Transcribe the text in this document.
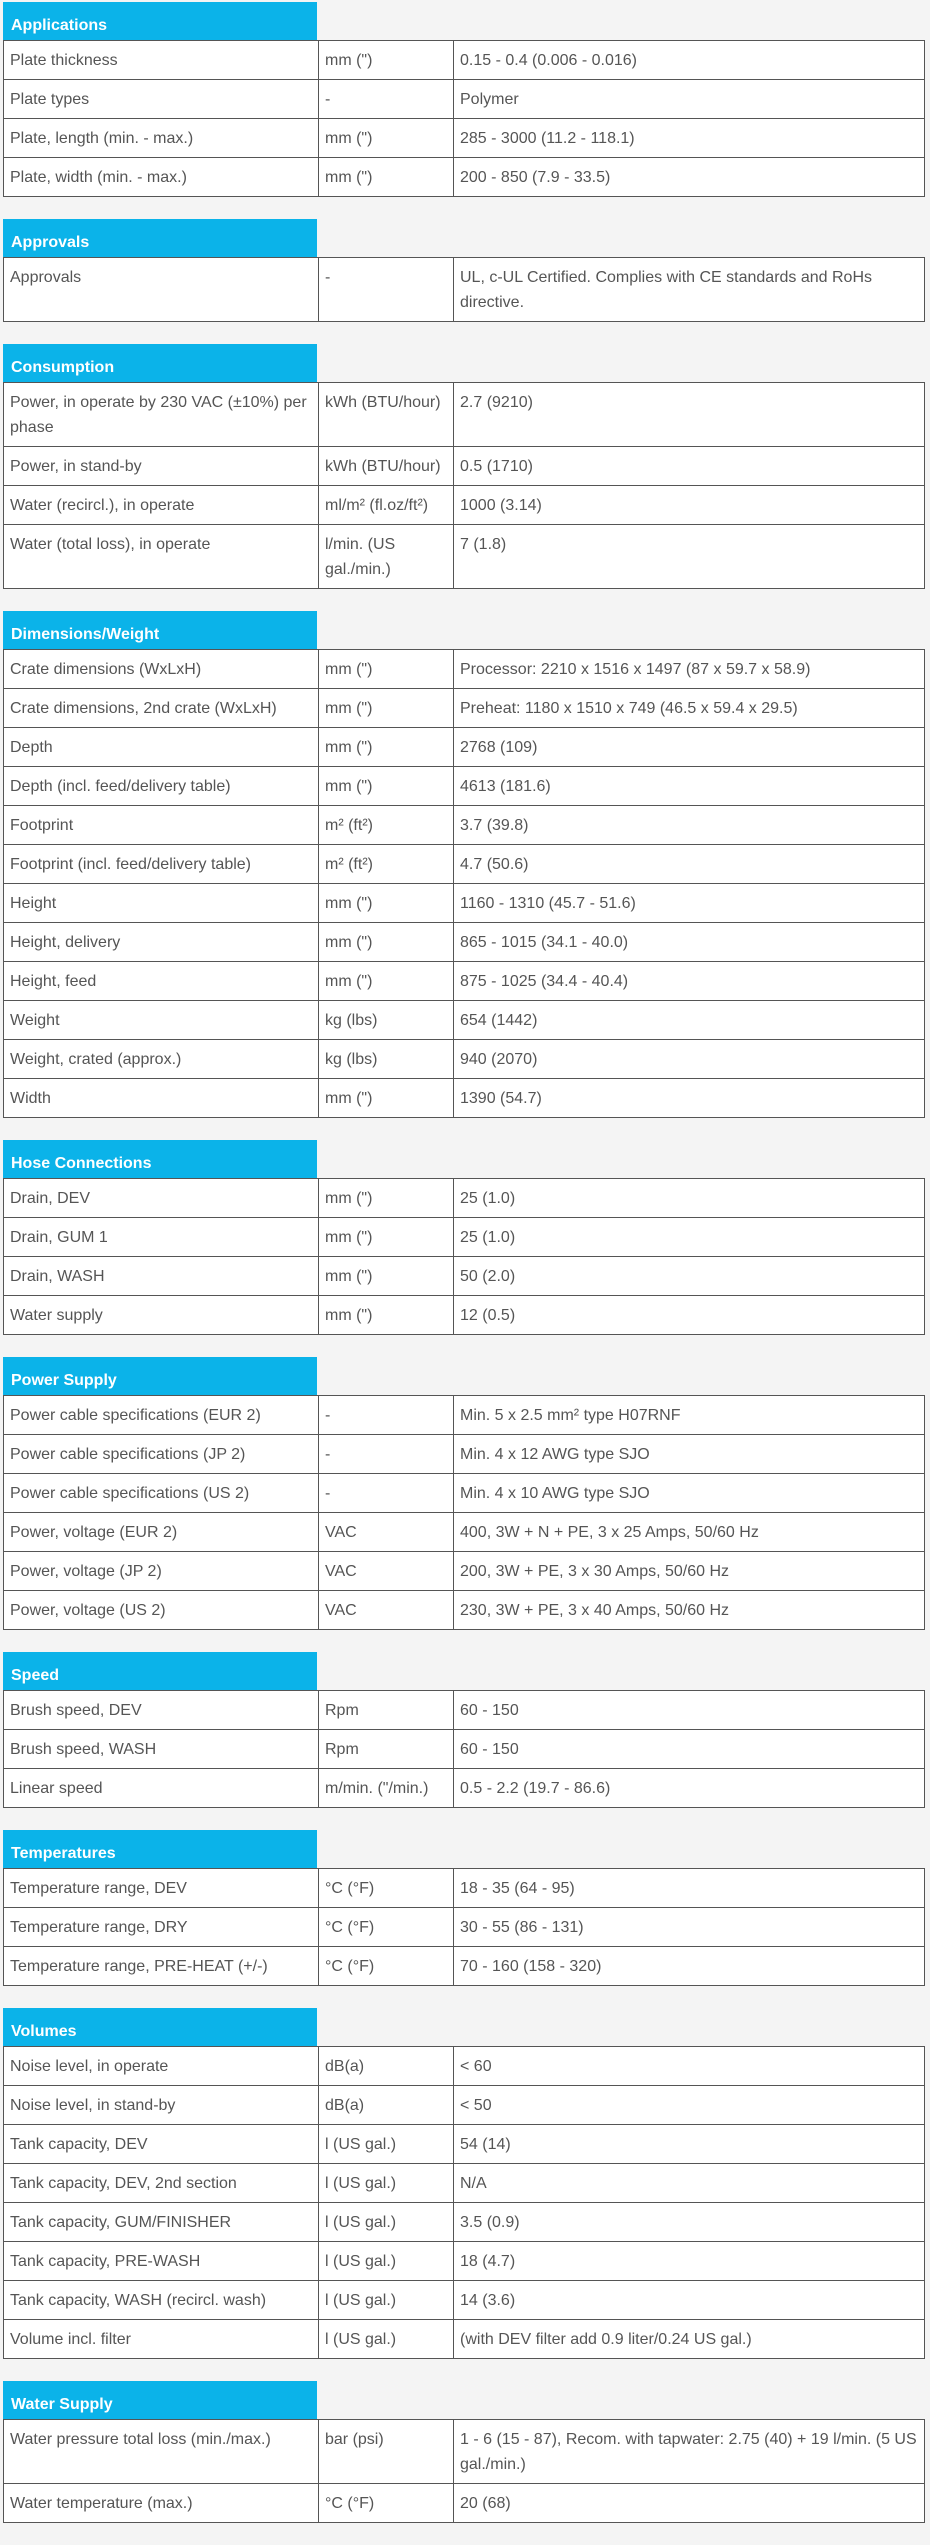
Applications
Plate thickness	mm (")	0.15 - 0.4 (0.006 - 0.016)
Plate types	-	Polymer
Plate, length (min. - max.)	mm (")	285 - 3000 (11.2 - 118.1)
Plate, width (min. - max.)	mm (")	200 - 850 (7.9 - 33.5)
Approvals
Approvals	-	UL, c-UL Certified. Complies with CE standards and RoHs directive.
Consumption
Power, in operate by 230 VAC (±10%) per phase	kWh (BTU/hour)	2.7 (9210)
Power, in stand-by	kWh (BTU/hour)	0.5 (1710)
Water (recircl.), in operate	ml/m² (fl.oz/ft²)	1000 (3.14)
Water (total loss), in operate	l/min. (US gal./min.)	7 (1.8)
Dimensions/Weight
Crate dimensions (WxLxH)	mm (")	Processor: 2210 x 1516 x 1497 (87 x 59.7 x 58.9)
Crate dimensions, 2nd crate (WxLxH)	mm (")	Preheat: 1180 x 1510 x 749 (46.5 x 59.4 x 29.5)
Depth	mm (")	2768 (109)
Depth (incl. feed/delivery table)	mm (")	4613 (181.6)
Footprint	m² (ft²)	3.7 (39.8)
Footprint (incl. feed/delivery table)	m² (ft²)	4.7 (50.6)
Height	mm (")	1160 - 1310 (45.7 - 51.6)
Height, delivery	mm (")	865 - 1015 (34.1 - 40.0)
Height, feed	mm (")	875 - 1025 (34.4 - 40.4)
Weight	kg (lbs)	654 (1442)
Weight, crated (approx.)	kg (lbs)	940 (2070)
Width	mm (")	1390 (54.7)
Hose Connections
Drain, DEV	mm (")	25 (1.0)
Drain, GUM 1	mm (")	25 (1.0)
Drain, WASH	mm (")	50 (2.0)
Water supply	mm (")	12 (0.5)
Power Supply
Power cable specifications (EUR 2)	-	Min. 5 x 2.5 mm² type H07RNF
Power cable specifications (JP 2)	-	Min. 4 x 12 AWG type SJO
Power cable specifications (US 2)	-	Min. 4 x 10 AWG type SJO
Power, voltage (EUR 2)	VAC	400, 3W + N + PE, 3 x 25 Amps, 50/60 Hz
Power, voltage (JP 2)	VAC	200, 3W + PE, 3 x 30 Amps, 50/60 Hz
Power, voltage (US 2)	VAC	230, 3W + PE, 3 x 40 Amps, 50/60 Hz
Speed
Brush speed, DEV	Rpm	60 - 150
Brush speed, WASH	Rpm	60 - 150
Linear speed	m/min. ("/min.)	0.5 - 2.2 (19.7 - 86.6)
Temperatures
Temperature range, DEV	°C (°F)	18 - 35 (64 - 95)
Temperature range, DRY	°C (°F)	30 - 55 (86 - 131)
Temperature range, PRE-HEAT (+/-)	°C (°F)	70 - 160 (158 - 320)
Volumes
Noise level, in operate	dB(a)	< 60
Noise level, in stand-by	dB(a)	< 50
Tank capacity, DEV	l (US gal.)	54 (14)
Tank capacity, DEV, 2nd section	l (US gal.)	N/A
Tank capacity, GUM/FINISHER	l (US gal.)	3.5 (0.9)
Tank capacity, PRE-WASH	l (US gal.)	18 (4.7)
Tank capacity, WASH (recircl. wash)	l (US gal.)	14 (3.6)
Volume incl. filter	l (US gal.)	(with DEV filter add 0.9 liter/0.24 US gal.)
Water Supply
Water pressure total loss (min./max.)	bar (psi)	1 - 6 (15 - 87), Recom. with tapwater: 2.75 (40) + 19 l/min. (5 US gal./min.)
Water temperature (max.)	°C (°F)	20 (68)
